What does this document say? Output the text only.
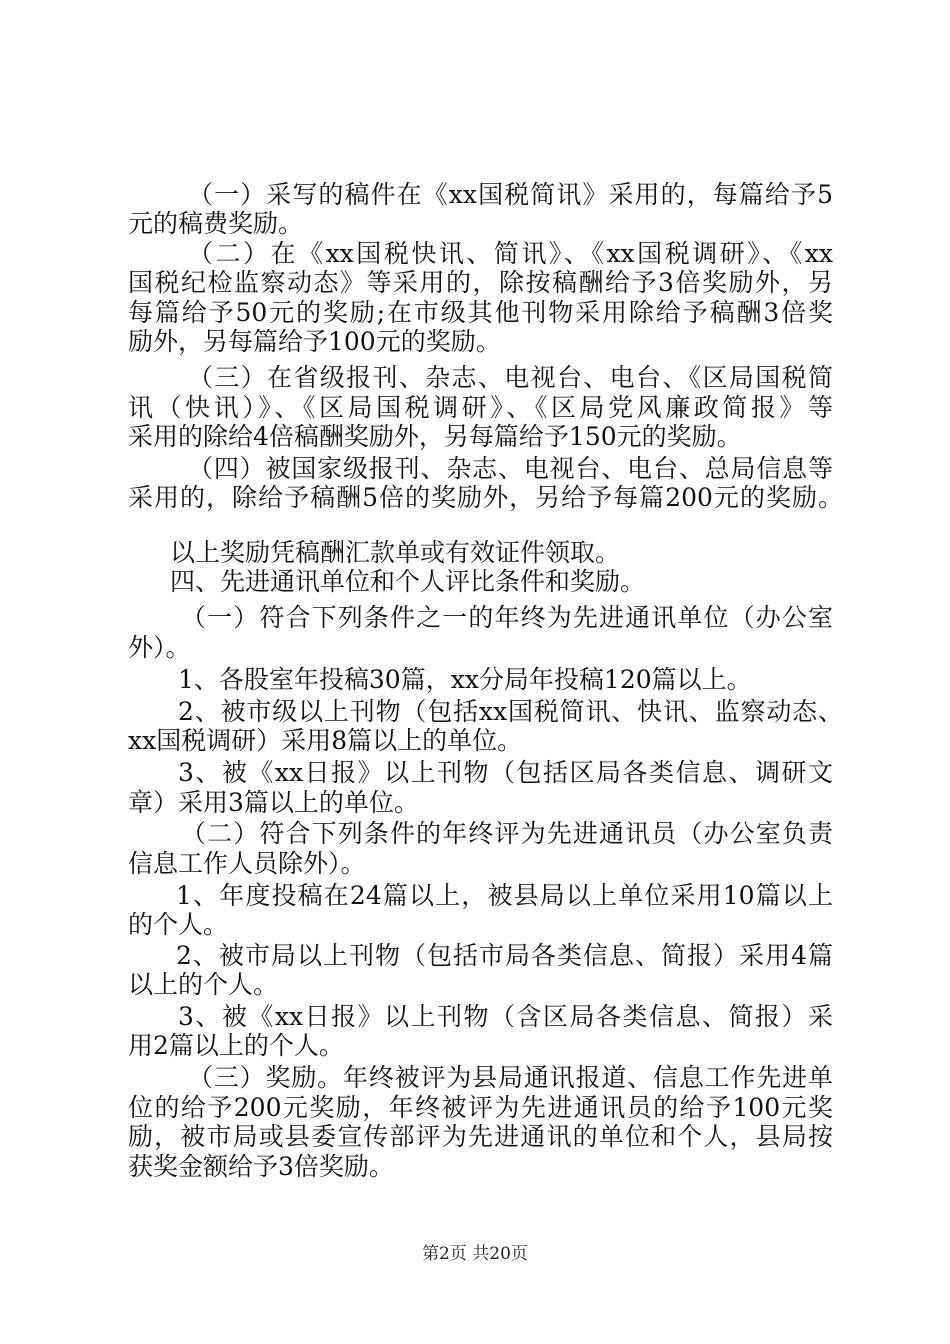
（一）采写的稿件在《xx国税简讯》采用的，每篇给予5
元的稿费奖励。
（二）在《xx国税快讯、简讯》、《xx国税调研》、《xx
国税纪检监察动态》等采用的，除按稿酬给予3倍奖励外，另
每篇给予50元的奖励;在市级其他刊物采用除给予稿酬3倍奖
励外，另每篇给予100元的奖励。
（三）在省级报刊、杂志、电视台、电台、《区局国税简
讯（快讯）》、《区局国税调研》、《区局党风廉政简报》等
采用的除给4倍稿酬奖励外，另每篇给予150元的奖励。
（四）被国家级报刊、杂志、电视台、电台、总局信息等
采用的，除给予稿酬5倍的奖励外，另给予每篇200元的奖励。
以上奖励凭稿酬汇款单或有效证件领取。
四、先进通讯单位和个人评比条件和奖励。
（一）符合下列条件之一的年终为先进通讯单位（办公室
外）。
1、各股室年投稿30篇，xx分局年投稿120篇以上。
2、被市级以上刊物（包括xx国税简讯、快讯、监察动态、
xx国税调研）采用8篇以上的单位。
3、被《xx日报》以上刊物（包括区局各类信息、调研文
章）采用3篇以上的单位。
（二）符合下列条件的年终评为先进通讯员（办公室负责
信息工作人员除外）。
1、年度投稿在24篇以上，被县局以上单位采用10篇以上
的个人。
2、被市局以上刊物（包括市局各类信息、简报）采用4篇
以上的个人。
3、被《xx日报》以上刊物（含区局各类信息、简报）采
用2篇以上的个人。
（三）奖励。年终被评为县局通讯报道、信息工作先进单
位的给予200元奖励，年终被评为先进通讯员的给予100元奖
励，被市局或县委宣传部评为先进通讯的单位和个人，县局按
获奖金额给予3倍奖励。
第2页 共20页
